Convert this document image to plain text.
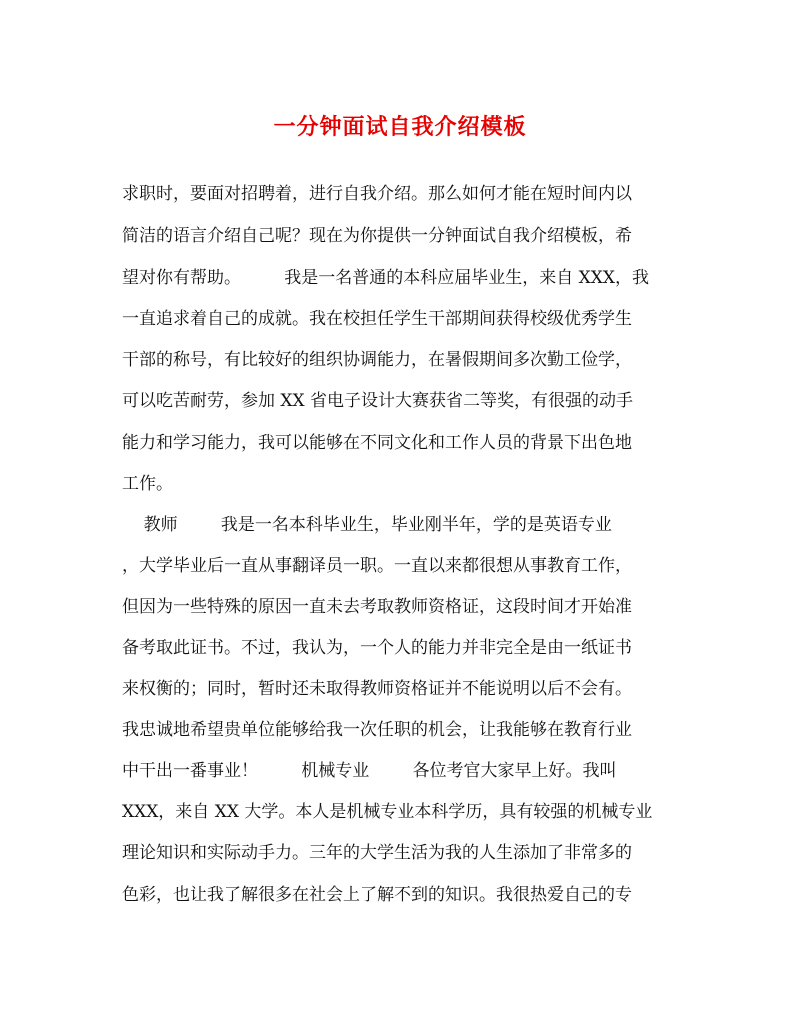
一分钟面试自我介绍模板
求职时，要面对招聘着，进行自我介绍。那么如何才能在短时间内以
简洁的语言介绍自己呢？现在为你提供一分钟面试自我介绍模板，希
望对你有帮助。        我是一名普通的本科应届毕业生，来自 XXX，我
一直追求着自己的成就。我在校担任学生干部期间获得校级优秀学生
干部的称号，有比较好的组织协调能力，在暑假期间多次勤工俭学，
可以吃苦耐劳，参加 XX 省电子设计大赛获省二等奖，有很强的动手
能力和学习能力，我可以能够在不同文化和工作人员的背景下出色地
工作。
教师        我是一名本科毕业生，毕业刚半年，学的是英语专业
，大学毕业后一直从事翻译员一职。一直以来都很想从事教育工作，
但因为一些特殊的原因一直未去考取教师资格证，这段时间才开始准
备考取此证书。不过，我认为，一个人的能力并非完全是由一纸证书
来权衡的；同时，暂时还未取得教师资格证并不能说明以后不会有。
我忠诚地希望贵单位能够给我一次任职的机会，让我能够在教育行业
中干出一番事业！        机械专业        各位考官大家早上好。我叫
XXX，来自 XX 大学。本人是机械专业本科学历，具有较强的机械专业
理论知识和实际动手力。三年的大学生活为我的人生添加了非常多的
色彩，也让我了解很多在社会上了解不到的知识。我很热爱自己的专
